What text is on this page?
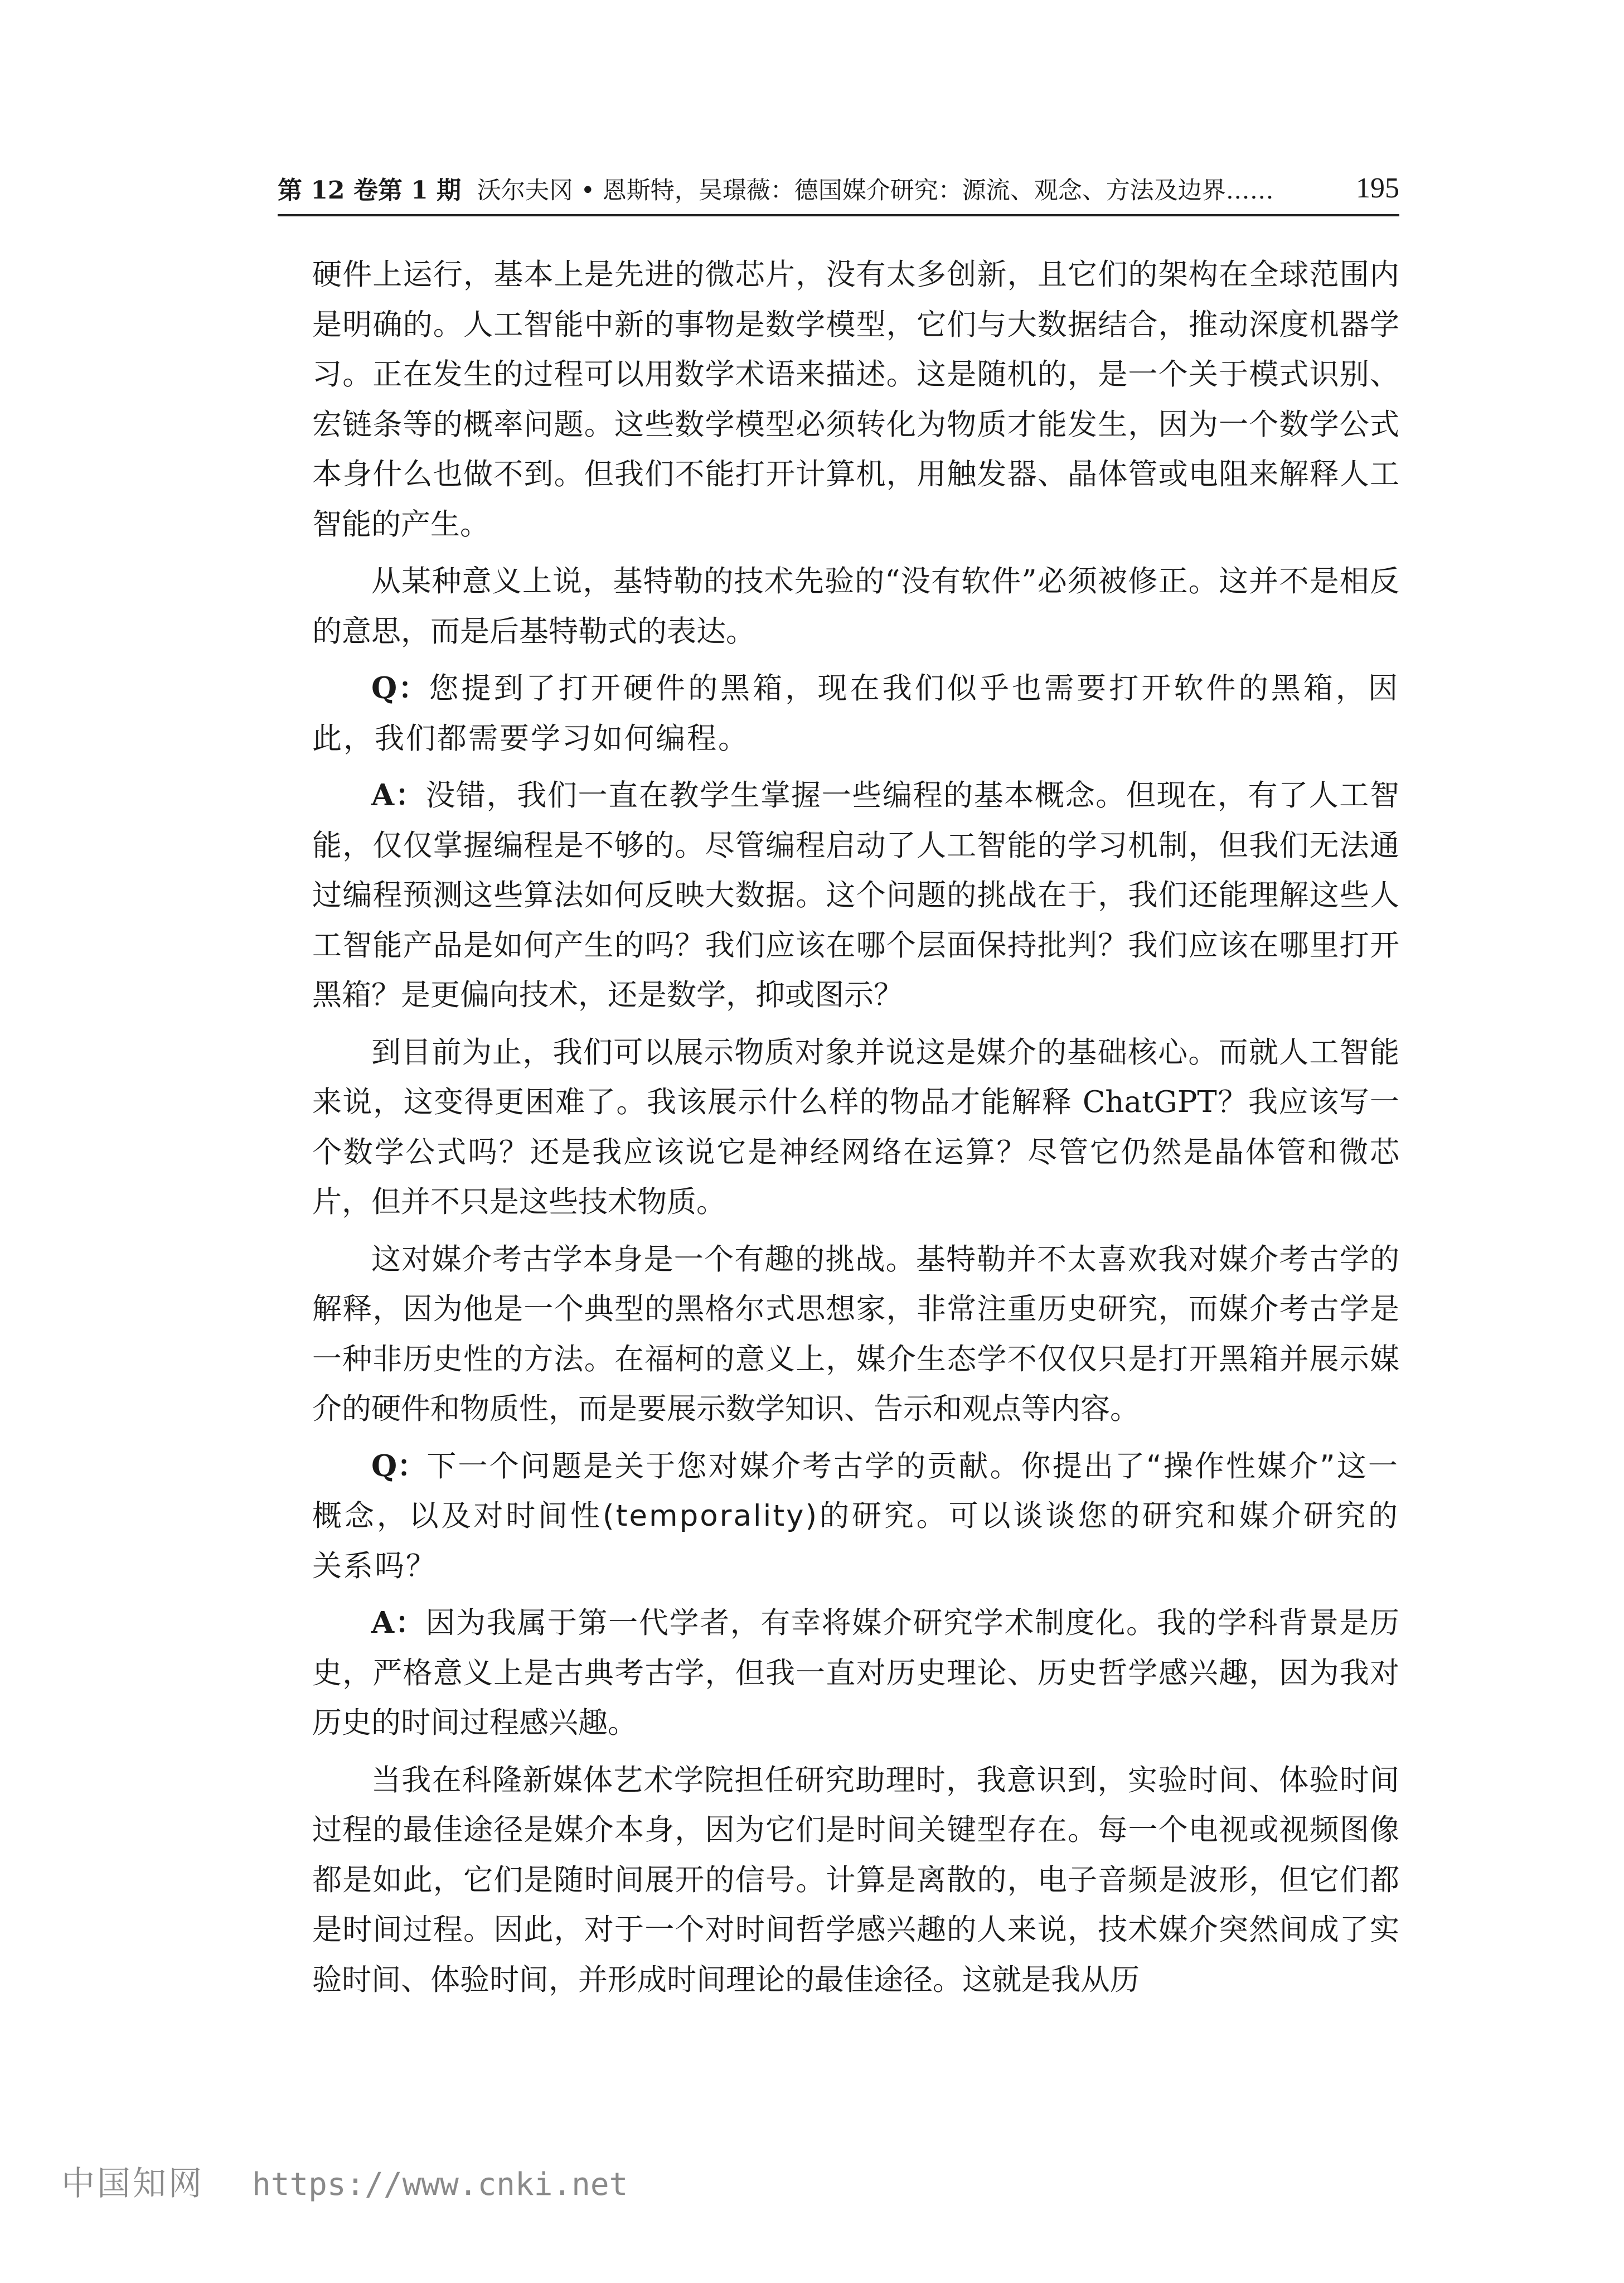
第 12 卷第 1 期 沃尔夫冈 • 恩斯特，吴璟薇：德国媒介研究：源流、观念、方法及边界……	195

硬件上运行，基本上是先进的微芯片，没有太多创新，且它们的架构在全球范围内是明确的。人工智能中新的事物是数学模型，它们与大数据结合，推动深度机器学习。正在发生的过程可以用数学术语来描述。这是随机的，是一个关于模式识别、宏链条等的概率问题。这些数学模型必须转化为物质才能发生，因为一个数学公式本身什么也做不到。但我们不能打开计算机，用触发器、晶体管或电阻来解释人工智能的产生。

从某种意义上说，基特勒的技术先验的“没有软件”必须被修正。这并不是相反的意思，而是后基特勒式的表达。

Q：您提到了打开硬件的黑箱，现在我们似乎也需要打开软件的黑箱，因此，我们都需要学习如何编程。

A：没错，我们一直在教学生掌握一些编程的基本概念。但现在，有了人工智能，仅仅掌握编程是不够的。尽管编程启动了人工智能的学习机制，但我们无法通过编程预测这些算法如何反映大数据。这个问题的挑战在于，我们还能理解这些人工智能产品是如何产生的吗？我们应该在哪个层面保持批判？我们应该在哪里打开黑箱？是更偏向技术，还是数学，抑或图示？

到目前为止，我们可以展示物质对象并说这是媒介的基础核心。而就人工智能来说，这变得更困难了。我该展示什么样的物品才能解释 ChatGPT？我应该写一个数学公式吗？还是我应该说它是神经网络在运算？尽管它仍然是晶体管和微芯片，但并不只是这些技术物质。

这对媒介考古学本身是一个有趣的挑战。基特勒并不太喜欢我对媒介考古学的解释，因为他是一个典型的黑格尔式思想家，非常注重历史研究，而媒介考古学是一种非历史性的方法。在福柯的意义上，媒介生态学不仅仅只是打开黑箱并展示媒介的硬件和物质性，而是要展示数学知识、告示和观点等内容。

Q：下一个问题是关于您对媒介考古学的贡献。你提出了“操作性媒介”这一概念，以及对时间性(temporality)的研究。可以谈谈您的研究和媒介研究的关系吗？

A：因为我属于第一代学者，有幸将媒介研究学术制度化。我的学科背景是历史，严格意义上是古典考古学，但我一直对历史理论、历史哲学感兴趣，因为我对历史的时间过程感兴趣。

当我在科隆新媒体艺术学院担任研究助理时，我意识到，实验时间、体验时间过程的最佳途径是媒介本身，因为它们是时间关键型存在。每一个电视或视频图像都是如此，它们是随时间展开的信号。计算是离散的，电子音频是波形，但它们都是时间过程。因此，对于一个对时间哲学感兴趣的人来说，技术媒介突然间成了实验时间、体验时间，并形成时间理论的最佳途径。这就是我从历

中国知网 https://www.cnki.net
